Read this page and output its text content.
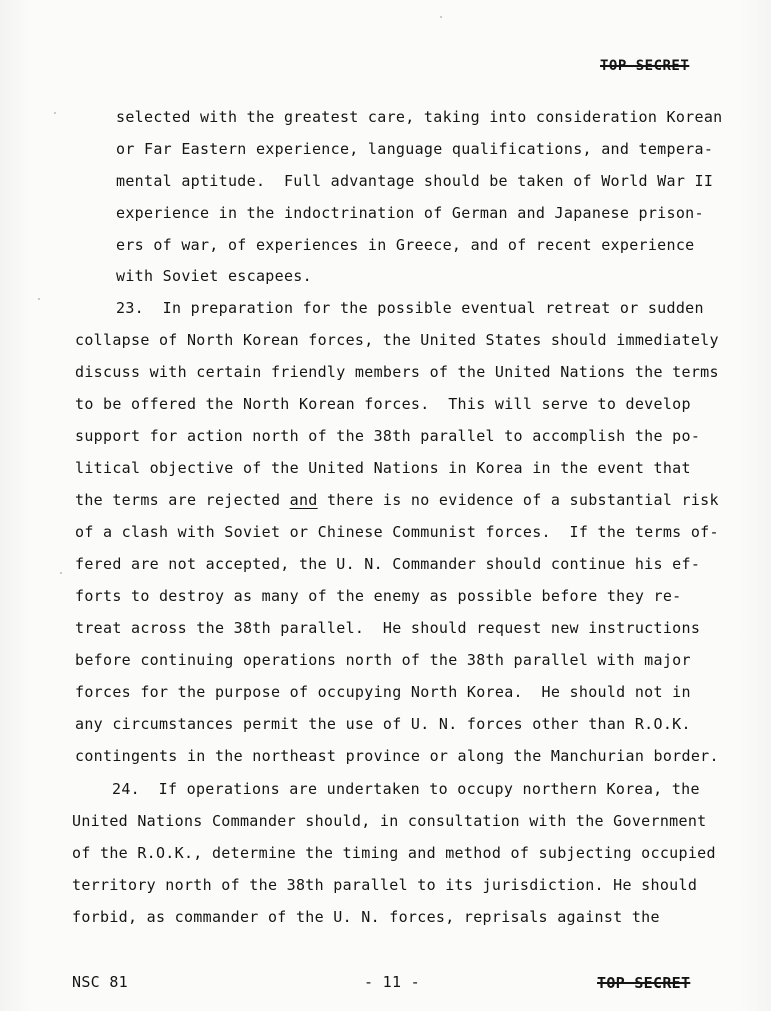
TOP SECRET
selected with the greatest care, taking into consideration Korean
or Far Eastern experience, language qualifications, and tempera-
mental aptitude.  Full advantage should be taken of World War II
experience in the indoctrination of German and Japanese prison-
ers of war, of experiences in Greece, and of recent experience
with Soviet escapees.
23.  In preparation for the possible eventual retreat or sudden
collapse of North Korean forces, the United States should immediately
discuss with certain friendly members of the United Nations the terms
to be offered the North Korean forces.  This will serve to develop
support for action north of the 38th parallel to accomplish the po-
litical objective of the United Nations in Korea in the event that
the terms are rejected and there is no evidence of a substantial risk
of a clash with Soviet or Chinese Communist forces.  If the terms of-
fered are not accepted, the U. N. Commander should continue his ef-
forts to destroy as many of the enemy as possible before they re-
treat across the 38th parallel.  He should request new instructions
before continuing operations north of the 38th parallel with major
forces for the purpose of occupying North Korea.  He should not in
any circumstances permit the use of U. N. forces other than R.O.K.
contingents in the northeast province or along the Manchurian border.
24.  If operations are undertaken to occupy northern Korea, the
United Nations Commander should, in consultation with the Government
of the R.O.K., determine the timing and method of subjecting occupied
territory north of the 38th parallel to its jurisdiction. He should
forbid, as commander of the U. N. forces, reprisals against the
NSC 81	- 11 -	TOP SECRET
